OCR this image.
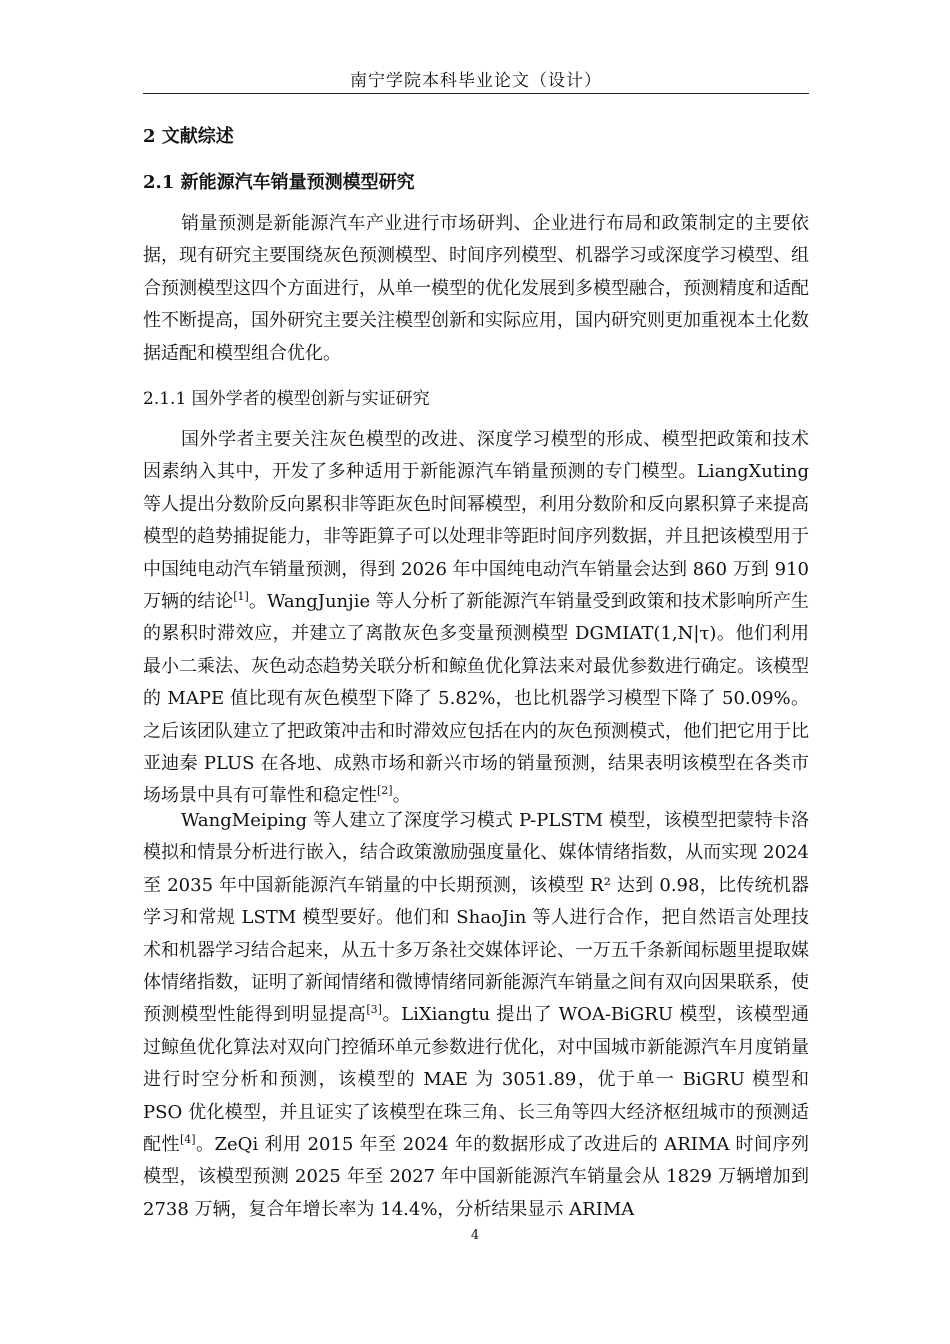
南宁学院本科毕业论文（设计）
2 文献综述
2.1 新能源汽车销量预测模型研究

销量预测是新能源汽车产业进行市场研判、企业进行布局和政策制定的主要依据，现有研究主要围绕灰色预测模型、时间序列模型、机器学习或深度学习模型、组合预测模型这四个方面进行，从单一模型的优化发展到多模型融合，预测精度和适配性不断提高，国外研究主要关注模型创新和实际应用，国内研究则更加重视本土化数据适配和模型组合优化。

2.1.1 国外学者的模型创新与实证研究

国外学者主要关注灰色模型的改进、深度学习模型的形成、模型把政策和技术因素纳入其中，开发了多种适用于新能源汽车销量预测的专门模型。LiangXuting 等人提出分数阶反向累积非等距灰色时间幂模型，利用分数阶和反向累积算子来提高模型的趋势捕捉能力，非等距算子可以处理非等距时间序列数据，并且把该模型用于中国纯电动汽车销量预测，得到 2026 年中国纯电动汽车销量会达到 860 万到 910 万辆的结论[1]。WangJunjie 等人分析了新能源汽车销量受到政策和技术影响所产生的累积时滞效应，并建立了离散灰色多变量预测模型 DGMIAT(1,N|τ)。他们利用最小二乘法、灰色动态趋势关联分析和鲸鱼优化算法来对最优参数进行确定。该模型的 MAPE 值比现有灰色模型下降了 5.82%，也比机器学习模型下降了 50.09%。之后该团队建立了把政策冲击和时滞效应包括在内的灰色预测模式，他们把它用于比亚迪秦 PLUS 在各地、成熟市场和新兴市场的销量预测，结果表明该模型在各类市场场景中具有可靠性和稳定性[2]。

WangMeiping 等人建立了深度学习模式 P-PLSTM 模型，该模型把蒙特卡洛模拟和情景分析进行嵌入，结合政策激励强度量化、媒体情绪指数，从而实现 2024 至 2035 年中国新能源汽车销量的中长期预测，该模型 R² 达到 0.98，比传统机器学习和常规 LSTM 模型要好。他们和 ShaoJin 等人进行合作，把自然语言处理技术和机器学习结合起来，从五十多万条社交媒体评论、一万五千条新闻标题里提取媒体情绪指数，证明了新闻情绪和微博情绪同新能源汽车销量之间有双向因果联系，使预测模型性能得到明显提高[3]。LiXiangtu 提出了 WOA-BiGRU 模型，该模型通过鲸鱼优化算法对双向门控循环单元参数进行优化，对中国城市新能源汽车月度销量进行时空分析和预测，该模型的 MAE 为 3051.89，优于单一 BiGRU 模型和 PSO 优化模型，并且证实了该模型在珠三角、长三角等四大经济枢纽城市的预测适配性[4]。ZeQi 利用 2015 年至 2024 年的数据形成了改进后的 ARIMA 时间序列模型，该模型预测 2025 年至 2027 年中国新能源汽车销量会从 1829 万辆增加到 2738 万辆，复合年增长率为 14.4%，分析结果显示 ARIMA

4
